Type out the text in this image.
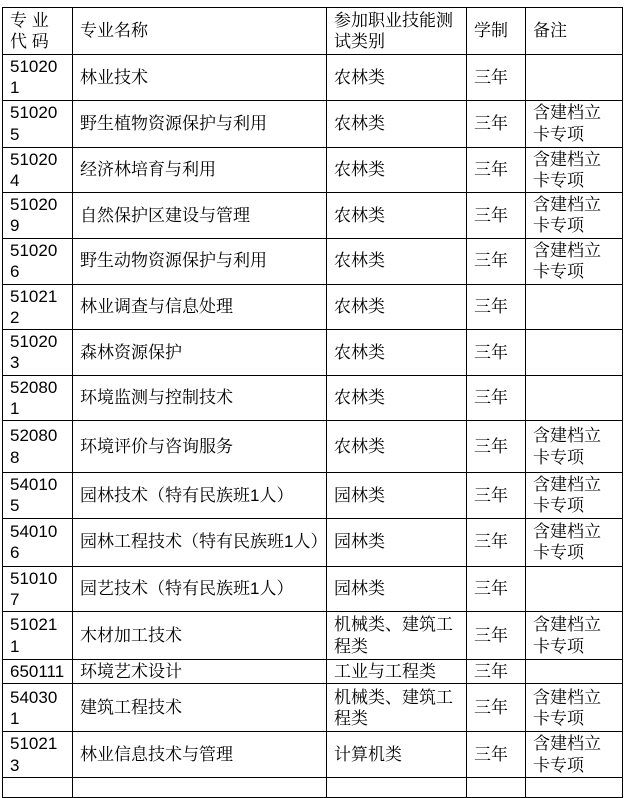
专 业 代 码	专业名称	参加职业技能测试类别	学制	备注
510201	林业技术	农林类	三年	
510205	野生植物资源保护与利用	农林类	三年	含建档立卡专项
510204	经济林培育与利用	农林类	三年	含建档立卡专项
510209	自然保护区建设与管理	农林类	三年	含建档立卡专项
510206	野生动物资源保护与利用	农林类	三年	含建档立卡专项
510212	林业调查与信息处理	农林类	三年	
510203	森林资源保护	农林类	三年	
520801	环境监测与控制技术	农林类	三年	
520808	环境评价与咨询服务	农林类	三年	含建档立卡专项
540105	园林技术（特有民族班1人）	园林类	三年	含建档立卡专项
540106	园林工程技术（特有民族班1人）	园林类	三年	含建档立卡专项
510107	园艺技术（特有民族班1人）	园林类	三年	
510211	木材加工技术	机械类、建筑工程类	三年	含建档立卡专项
650111	环境艺术设计	工业与工程类	三年	
540301	建筑工程技术	机械类、建筑工程类	三年	含建档立卡专项
510213	林业信息技术与管理	计算机类	三年	含建档立卡专项
